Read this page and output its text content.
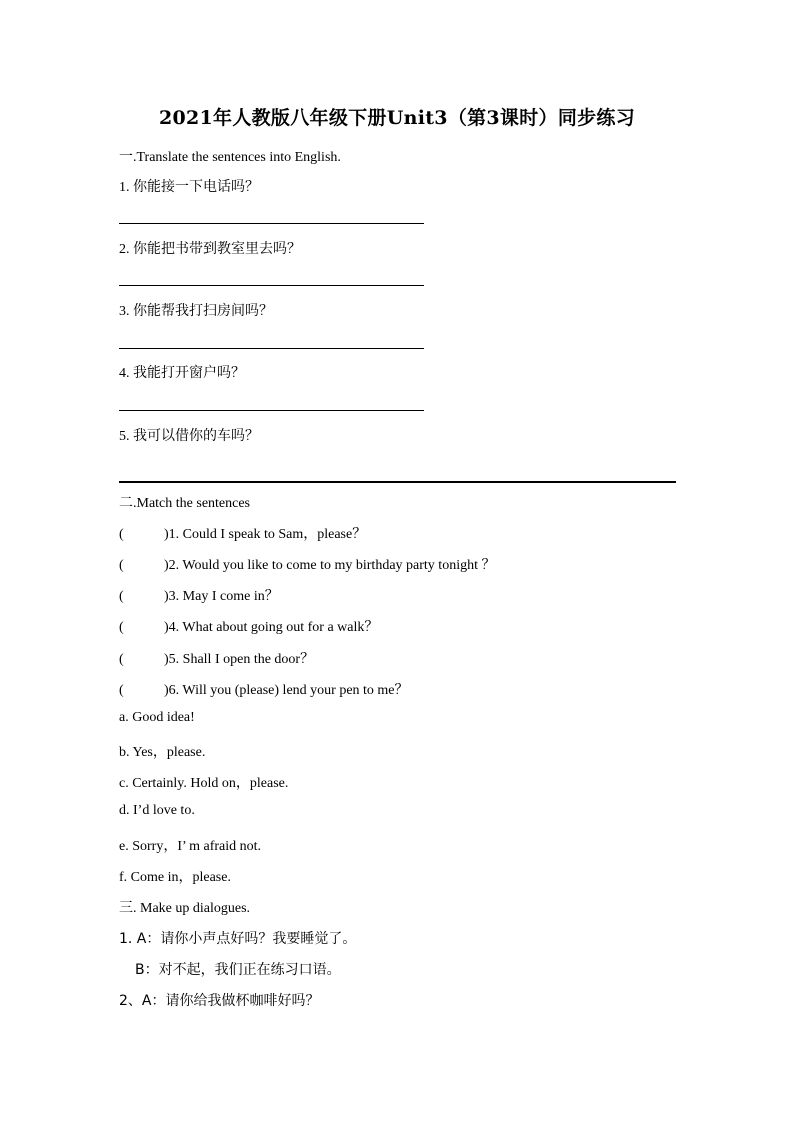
2021年人教版八年级下册Unit3（第3课时）同步练习
一.Translate the sentences into English.
1. 你能接一下电话吗？
2. 你能把书带到教室里去吗？
3. 你能帮我打扫房间吗？
4. 我能打开窗户吗？
5. 我可以借你的车吗？
二.Match the sentences
(	)1. Could I speak to Sam，please？
(	)2. Would you like to come to my birthday party tonight ？
(	)3. May I come in？
(	)4. What about going out for a walk？
(	)5. Shall I open the door？
(	)6. Will you (please) lend your pen to me？
a. Good idea!
b. Yes，please.
c. Certainly. Hold on，please.
d. I’d love to.
e. Sorry，I’ m afraid not.
f. Come in，please.
三. Make up dialogues.
1. A：请你小声点好吗？我要睡觉了。
B：对不起，我们正在练习口语。
2、A：请你给我做杯咖啡好吗？
